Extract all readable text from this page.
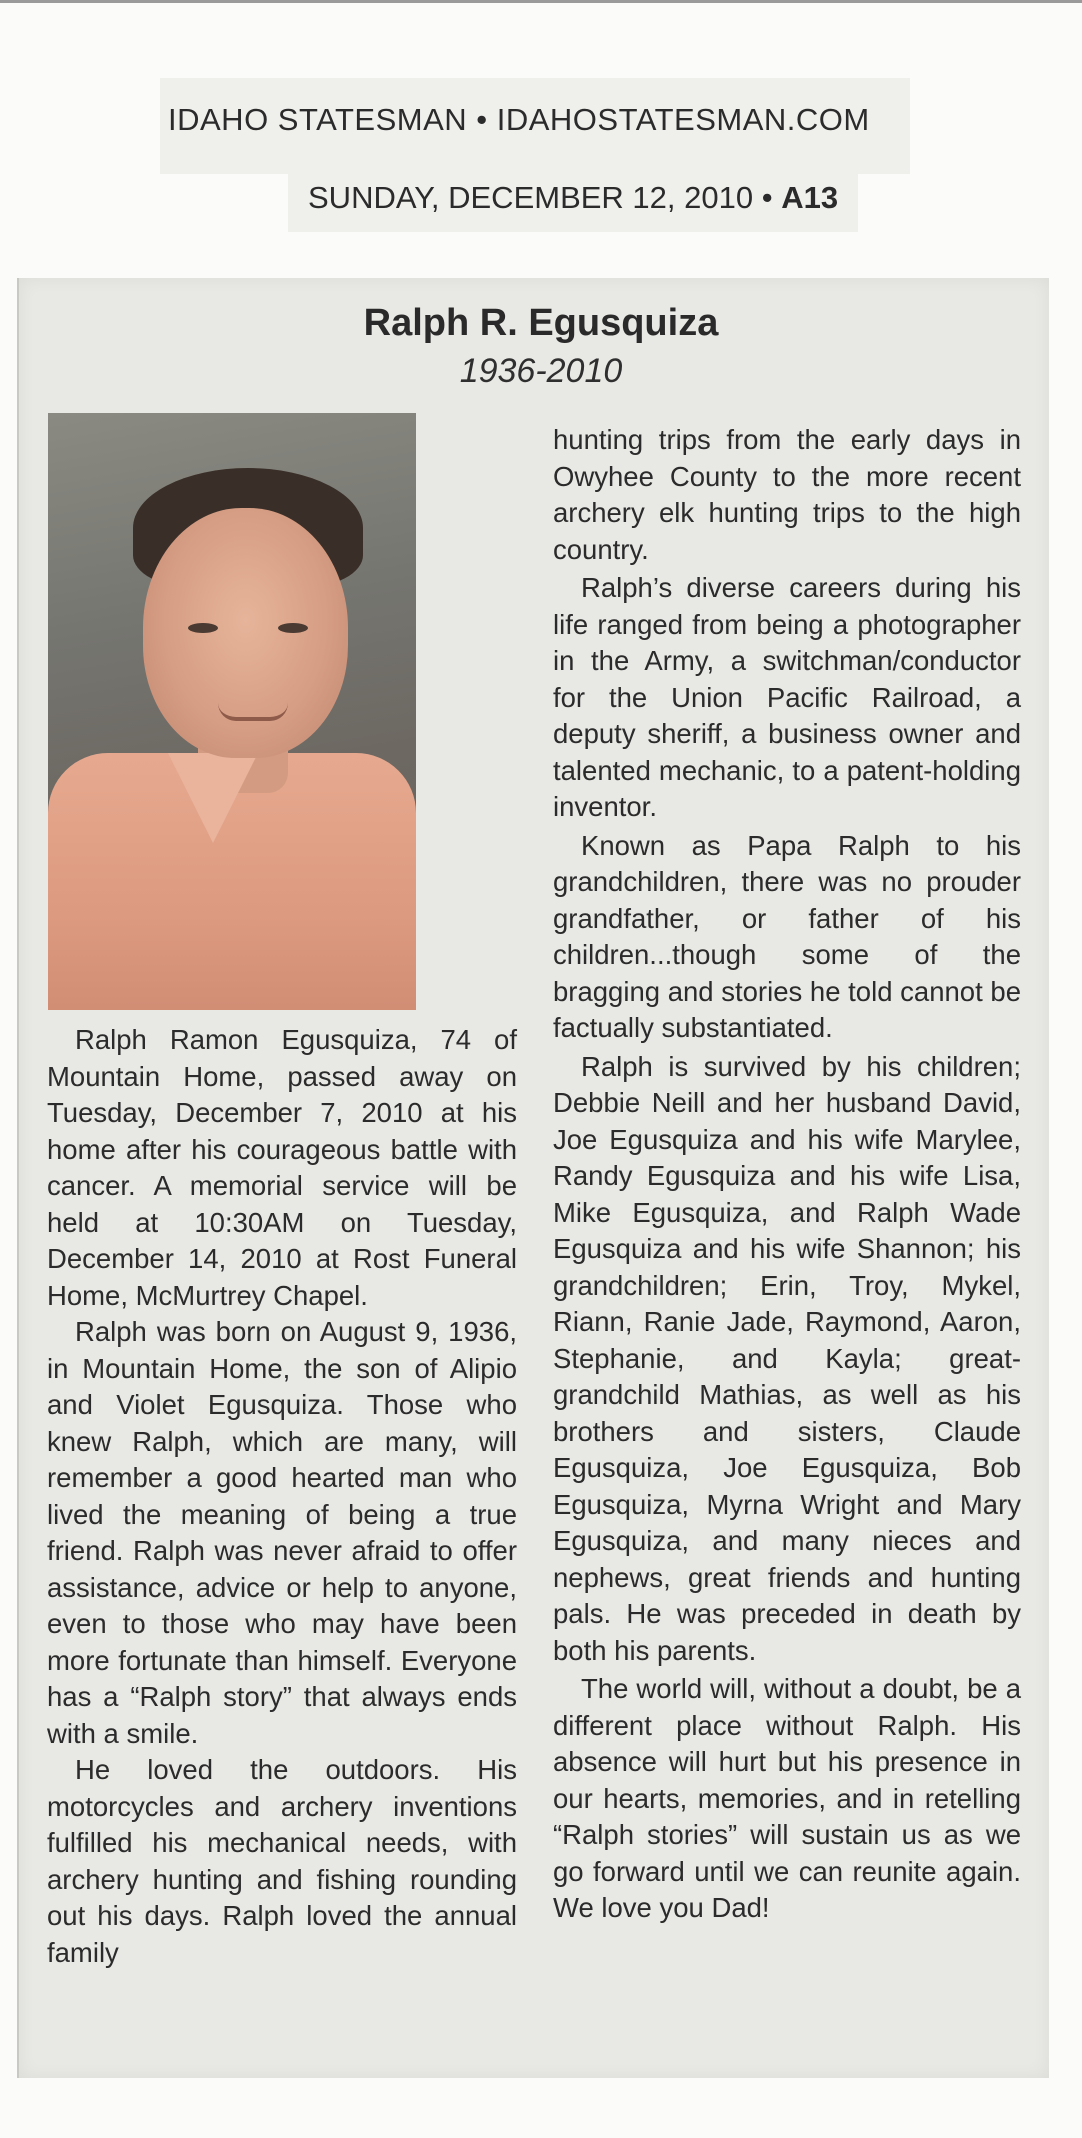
IDAHO STATESMAN • IDAHOSTATESMAN.COM
SUNDAY, DECEMBER 12, 2010 • A13
Ralph R. Egusquiza
1936-2010

Ralph Ramon Egusquiza, 74 of Mountain Home, passed away on Tuesday, December 7, 2010 at his home after his courageous battle with cancer. A memorial service will be held at 10:30AM on Tuesday, December 14, 2010 at Rost Funeral Home, McMurtrey Chapel.

Ralph was born on August 9, 1936, in Mountain Home, the son of Alipio and Violet Egusquiza. Those who knew Ralph, which are many, will remember a good hearted man who lived the meaning of being a true friend. Ralph was never afraid to offer assistance, advice or help to anyone, even to those who may have been more fortunate than himself. Everyone has a “Ralph story” that always ends with a smile.

He loved the outdoors. His motorcycles and archery inventions fulfilled his mechanical needs, with archery hunting and fishing rounding out his days. Ralph loved the annual family

hunting trips from the early days in Owyhee County to the more recent archery elk hunting trips to the high country.

Ralph’s diverse careers during his life ranged from being a photographer in the Army, a switchman/conductor for the Union Pacific Railroad, a deputy sheriff, a business owner and talented mechanic, to a patent-holding inventor.

Known as Papa Ralph to his grandchildren, there was no prouder grandfather, or father of his children...though some of the bragging and stories he told cannot be factually substantiated.

Ralph is survived by his children; Debbie Neill and her husband David, Joe Egusquiza and his wife Marylee, Randy Egusquiza and his wife Lisa, Mike Egusquiza, and Ralph Wade Egusquiza and his wife Shannon; his grandchildren; Erin, Troy, Mykel, Riann, Ranie Jade, Raymond, Aaron, Stephanie, and Kayla; great-grandchild Mathias, as well as his brothers and sisters, Claude Egusquiza, Joe Egusquiza, Bob Egusquiza, Myrna Wright and Mary Egusquiza, and many nieces and nephews, great friends and hunting pals. He was preceded in death by both his parents.

The world will, without a doubt, be a different place without Ralph. His absence will hurt but his presence in our hearts, memories, and in retelling “Ralph stories” will sustain us as we go forward until we can reunite again. We love you Dad!
